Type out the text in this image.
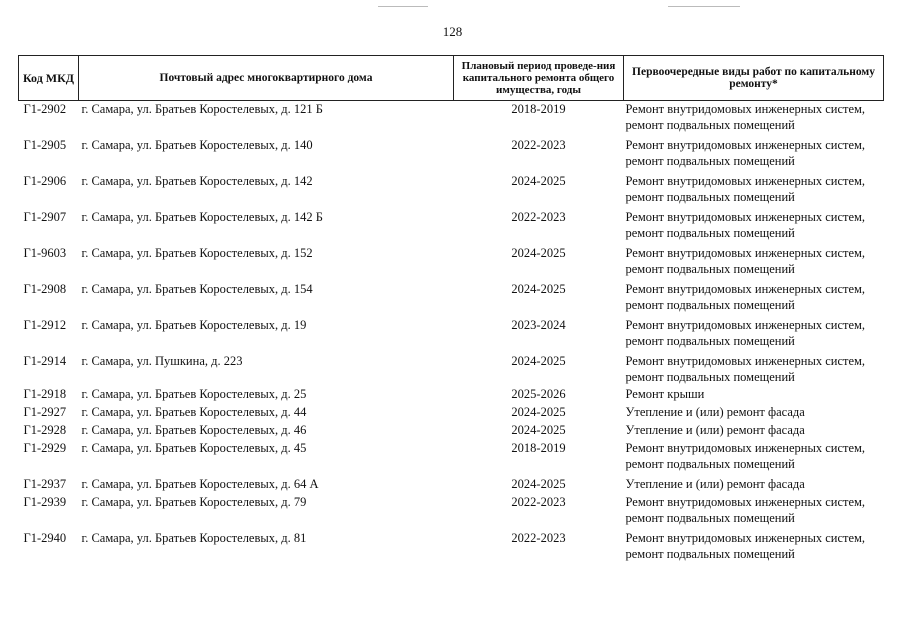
128
Код МКД	Почтовый адрес многоквартирного дома	Плановый период проведе-ния капитального ремонта общего имущества, годы	Первоочередные виды работ по капитальному ремонту*
Г1-2902	г. Самара, ул. Братьев Коростелевых, д. 121 Б	2018-2019	Ремонт внутридомовых инженерных систем,
ремонт подвальных помещений

Г1-2905	г. Самара, ул. Братьев Коростелевых, д. 140	2022-2023	Ремонт внутридомовых инженерных систем,
ремонт подвальных помещений

Г1-2906	г. Самара, ул. Братьев Коростелевых, д. 142	2024-2025	Ремонт внутридомовых инженерных систем,
ремонт подвальных помещений

Г1-2907	г. Самара, ул. Братьев Коростелевых, д. 142 Б	2022-2023	Ремонт внутридомовых инженерных систем,
ремонт подвальных помещений

Г1-9603	г. Самара, ул. Братьев Коростелевых, д. 152	2024-2025	Ремонт внутридомовых инженерных систем,
ремонт подвальных помещений

Г1-2908	г. Самара, ул. Братьев Коростелевых, д. 154	2024-2025	Ремонт внутридомовых инженерных систем,
ремонт подвальных помещений

Г1-2912	г. Самара, ул. Братьев Коростелевых, д. 19	2023-2024	Ремонт внутридомовых инженерных систем,
ремонт подвальных помещений

Г1-2914	г. Самара, ул. Пушкина, д. 223	2024-2025	Ремонт внутридомовых инженерных систем,
ремонт подвальных помещений

Г1-2918	г. Самара, ул. Братьев Коростелевых, д. 25	2025-2026	Ремонт крыши

Г1-2927	г. Самара, ул. Братьев Коростелевых, д. 44	2024-2025	Утепление и (или) ремонт фасада

Г1-2928	г. Самара, ул. Братьев Коростелевых, д. 46	2024-2025	Утепление и (или) ремонт фасада

Г1-2929	г. Самара, ул. Братьев Коростелевых, д. 45	2018-2019	Ремонт внутридомовых инженерных систем,
ремонт подвальных помещений

Г1-2937	г. Самара, ул. Братьев Коростелевых, д. 64 А	2024-2025	Утепление и (или) ремонт фасада

Г1-2939	г. Самара, ул. Братьев Коростелевых, д. 79	2022-2023	Ремонт внутридомовых инженерных систем,
ремонт подвальных помещений

Г1-2940	г. Самара, ул. Братьев Коростелевых, д. 81	2022-2023	Ремонт внутридомовых инженерных систем,
ремонт подвальных помещений
